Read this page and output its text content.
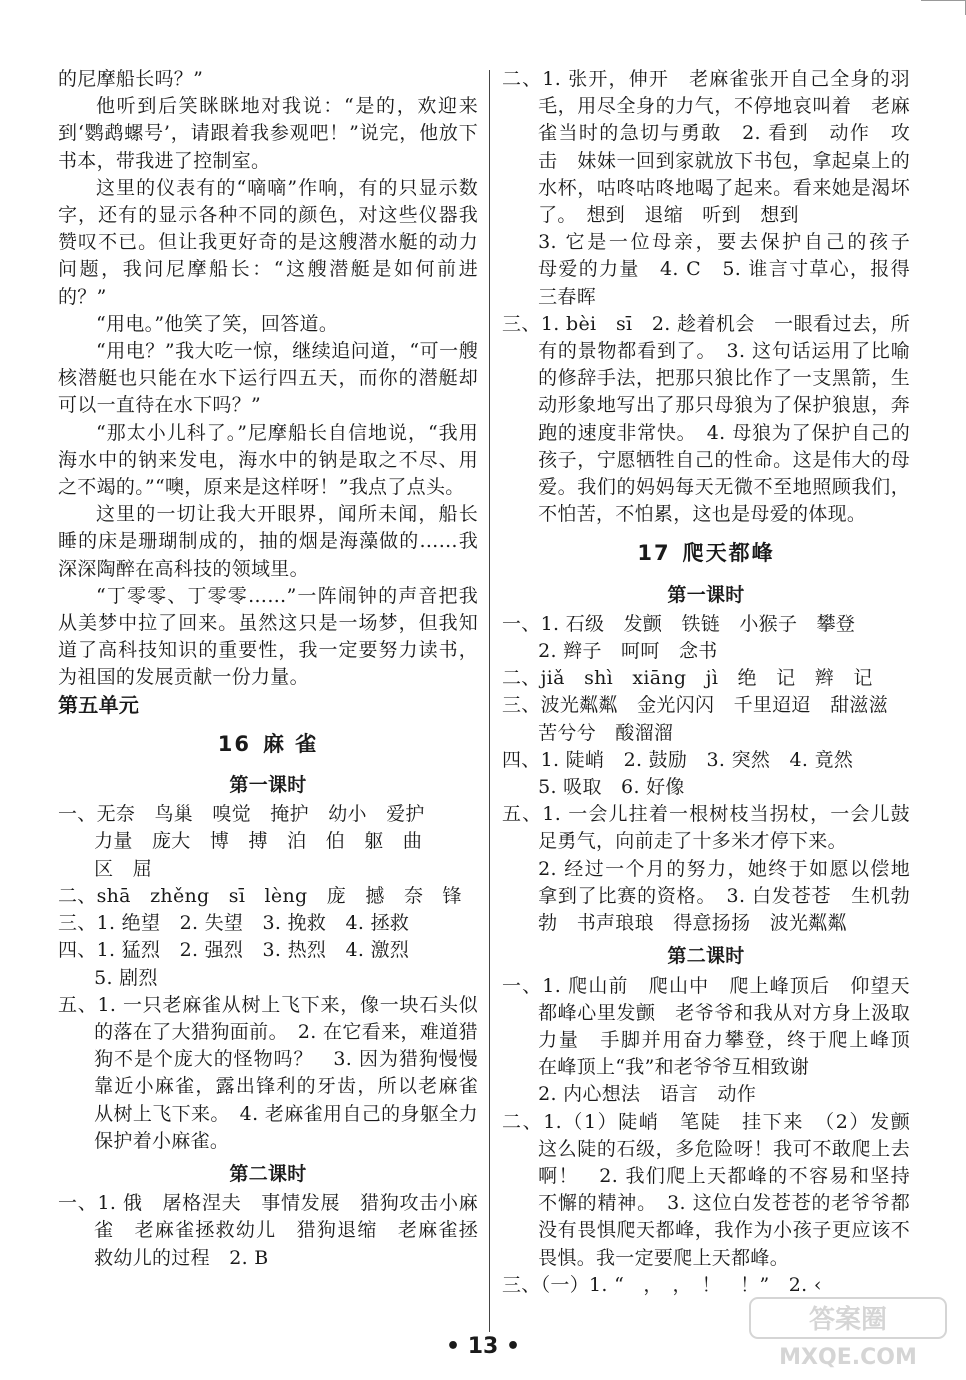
的尼摩船长吗？”

他听到后笑眯眯地对我说：“是的，欢迎来到‘鹦鹉螺号’，请跟着我参观吧！”说完，他放下书本，带我进了控制室。

这里的仪表有的“嘀嘀”作响，有的只显示数字，还有的显示各种不同的颜色，对这些仪器我赞叹不已。但让我更好奇的是这艘潜水艇的动力问题，我问尼摩船长：“这艘潜艇是如何前进的？”

“用电。”他笑了笑，回答道。

“用电？”我大吃一惊，继续追问道，“可一艘核潜艇也只能在水下运行四五天，而你的潜艇却可以一直待在水下吗？”

“那太小儿科了。”尼摩船长自信地说，“我用海水中的钠来发电，海水中的钠是取之不尽、用之不竭的。”“噢，原来是这样呀！”我点了点头。

这里的一切让我大开眼界，闻所未闻，船长睡的床是珊瑚制成的，抽的烟是海藻做的……我深深陶醉在高科技的领域里。

“丁零零、丁零零……”一阵闹钟的声音把我从美梦中拉了回来。虽然这只是一场梦，但我知道了高科技知识的重要性，我一定要努力读书，为祖国的发展贡献一份力量。

第五单元

16 麻 雀

第一课时

一、无奈　鸟巢　嗅觉　掩护　幼小　爱护
力量　庞大　博　搏　泊　伯　躯　曲
区　屈

二、shā　zhěng　sī　lèng　庞　撼　奈　锋

三、1. 绝望　2. 失望　3. 挽救　4. 拯救

四、1. 猛烈　2. 强烈　3. 热烈　4. 激烈
5. 剧烈

五、1. 一只老麻雀从树上飞下来，像一块石头似的落在了大猎狗面前。　2. 在它看来，难道猎狗不是个庞大的怪物吗？　3. 因为猎狗慢慢靠近小麻雀，露出锋利的牙齿，所以老麻雀从树上飞下来。　4. 老麻雀用自己的身躯全力保护着小麻雀。

第二课时

一、1. 俄　屠格涅夫　事情发展　猎狗攻击小麻雀　老麻雀拯救幼儿　猎狗退缩　老麻雀拯救幼儿的过程　2. B

二、1. 张开，伸开　老麻雀张开自己全身的羽毛，用尽全身的力气，不停地哀叫着　老麻雀当时的急切与勇敢　2. 看到　动作　攻击　妹妹一回到家就放下书包，拿起桌上的水杯，咕咚咕咚地喝了起来。看来她是渴坏了。　想到　退缩　听到　想到
3. 它是一位母亲，要去保护自己的孩子　母爱的力量　4. C　5. 谁言寸草心，报得三春晖

三、1. bèi　sī　2. 趁着机会　一眼看过去，所有的景物都看到了。　3. 这句话运用了比喻的修辞手法，把那只狼比作了一支黑箭，生动形象地写出了那只母狼为了保护狼崽，奔跑的速度非常快。　4. 母狼为了保护自己的孩子，宁愿牺牲自己的性命。这是伟大的母爱。我们的妈妈每天无微不至地照顾我们，不怕苦，不怕累，这也是母爱的体现。

17 爬天都峰

第一课时

一、1. 石级　发颤　铁链　小猴子　攀登
2. 辫子　呵呵　念书

二、jiǎ　shì　xiāng　jì　绝　记　辫　记

三、波光粼粼　金光闪闪　千里迢迢　甜滋滋
苦兮兮　酸溜溜

四、1. 陡峭　2. 鼓励　3. 突然　4. 竟然
5. 吸取　6. 好像

五、1. 一会儿拄着一根树枝当拐杖，一会儿鼓足勇气，向前走了十多米才停下来。
2. 经过一个月的努力，她终于如愿以偿地拿到了比赛的资格。　3. 白发苍苍　生机勃勃　书声琅琅　得意扬扬　波光粼粼

第二课时

一、1. 爬山前　爬山中　爬上峰顶后　仰望天都峰心里发颤　老爷爷和我从对方身上汲取力量　手脚并用奋力攀登，终于爬上峰顶　在峰顶上“我”和老爷爷互相致谢
2. 内心想法　语言　动作

二、1.（1）陡峭　笔陡　挂下来　（2）发颤　这么陡的石级，多危险呀！我可不敢爬上去啊！　2. 我们爬上天都峰的不容易和坚持不懈的精神。　3. 这位白发苍苍的老爷爷都没有畏惧爬天都峰，我作为小孩子更应该不畏惧。我一定要爬上天都峰。

三、（一）1. “　，　，　！　！”　2. ‹

• 13 •
答案圈
MXQE.COM
